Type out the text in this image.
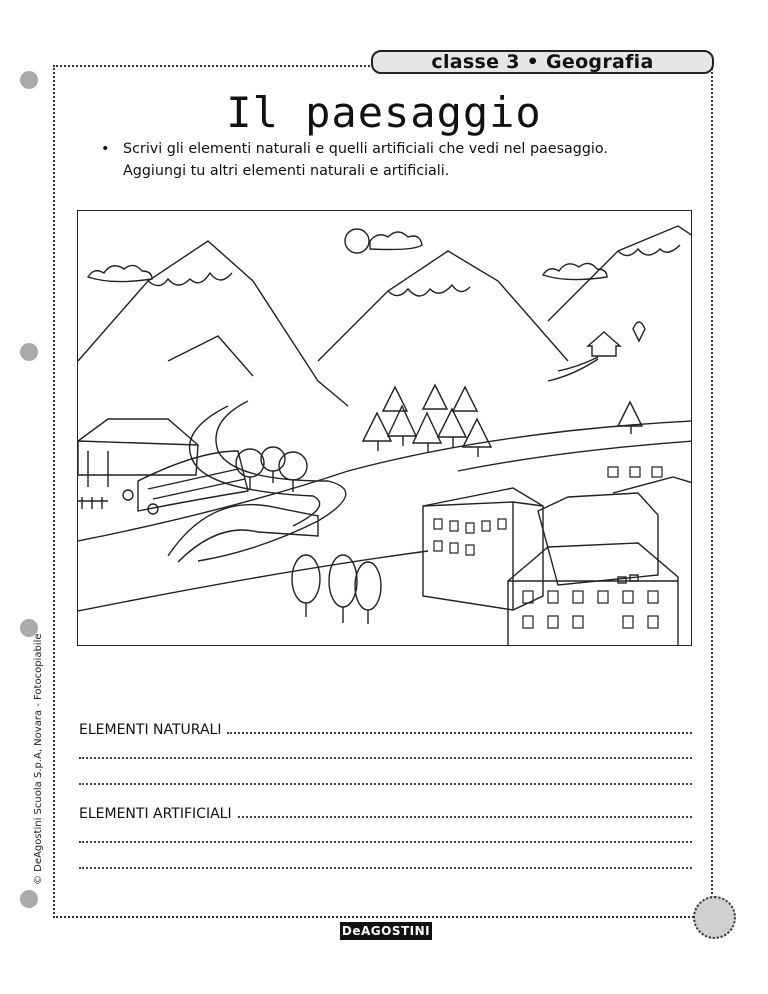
classe 3 • Geografia
Il paesaggio
• Scrivi gli elementi naturali e quelli artificiali che vedi nel paesaggio.
Aggiungi tu altri elementi naturali e artificiali.
ELEMENTI NATURALI
ELEMENTI ARTIFICIALI
© DeAgostini Scuola S.p.A, Novara - Fotocopiabile
DeAGOSTINI
